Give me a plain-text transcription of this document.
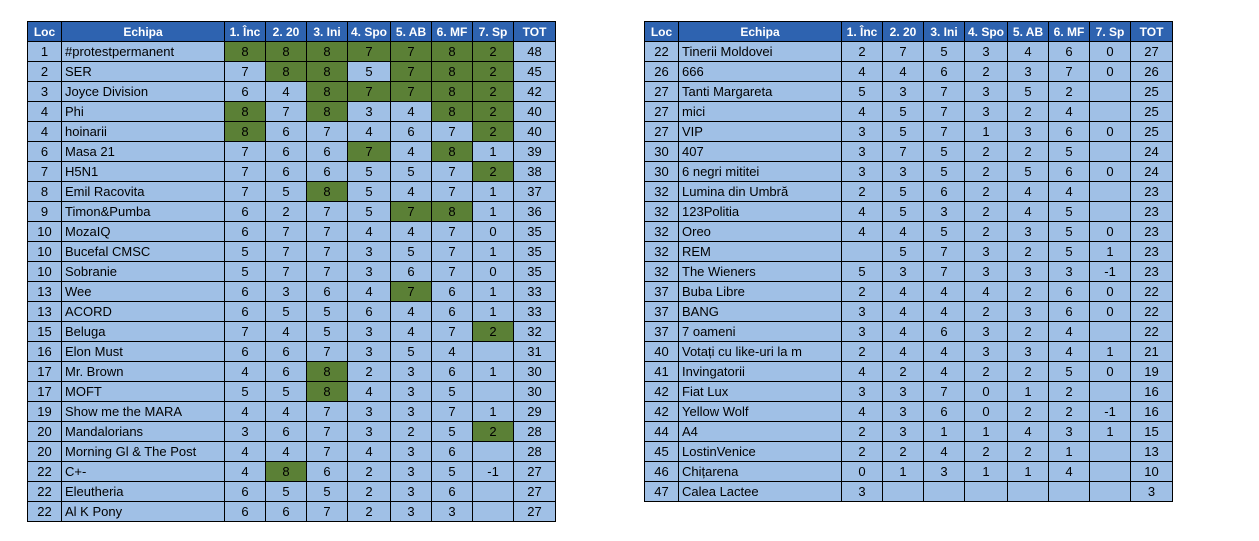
Loc	Echipa	1. Înc	2. 20	3. Ini	4. Spo	5. AB	6. MF	7. Sp	TOT
1	#protestpermanent	8	8	8	7	7	8	2	48
2	SER	7	8	8	5	7	8	2	45
3	Joyce Division	6	4	8	7	7	8	2	42
4	Phi	8	7	8	3	4	8	2	40
4	hoinarii	8	6	7	4	6	7	2	40
6	Masa 21	7	6	6	7	4	8	1	39
7	H5N1	7	6	6	5	5	7	2	38
8	Emil Racovita	7	5	8	5	4	7	1	37
9	Timon&Pumba	6	2	7	5	7	8	1	36
10	MozaIQ	6	7	7	4	4	7	0	35
10	Bucefal CMSC	5	7	7	3	5	7	1	35
10	Sobranie	5	7	7	3	6	7	0	35
13	Wee	6	3	6	4	7	6	1	33
13	ACORD	6	5	5	6	4	6	1	33
15	Beluga	7	4	5	3	4	7	2	32
16	Elon Must	6	6	7	3	5	4		31
17	Mr. Brown	4	6	8	2	3	6	1	30
17	MOFT	5	5	8	4	3	5		30
19	Show me the MARA	4	4	7	3	3	7	1	29
20	Mandalorians	3	6	7	3	2	5	2	28
20	Morning Gl & The Post	4	4	7	4	3	6		28
22	C+-	4	8	6	2	3	5	-1	27
22	Eleutheria	6	5	5	2	3	6		27
22	Al K Pony	6	6	7	2	3	3		27
Loc	Echipa	1. Înc	2. 20	3. Ini	4. Spo	5. AB	6. MF	7. Sp	TOT
22	Tinerii Moldovei	2	7	5	3	4	6	0	27
26	666	4	4	6	2	3	7	0	26
27	Tanti Margareta	5	3	7	3	5	2		25
27	mici	4	5	7	3	2	4		25
27	VIP	3	5	7	1	3	6	0	25
30	407	3	7	5	2	2	5		24
30	6 negri mititei	3	3	5	2	5	6	0	24
32	Lumina din Umbră	2	5	6	2	4	4		23
32	123Politia	4	5	3	2	4	5		23
32	Oreo	4	4	5	2	3	5	0	23
32	REM		5	7	3	2	5	1	23
32	The Wieners	5	3	7	3	3	3	-1	23
37	Buba Libre	2	4	4	4	2	6	0	22
37	BANG	3	4	4	2	3	6	0	22
37	7 oameni	3	4	6	3	2	4		22
40	Votați cu like-uri la m	2	4	4	3	3	4	1	21
41	Invingatorii	4	2	4	2	2	5	0	19
42	Fiat Lux	3	3	7	0	1	2		16
42	Yellow Wolf	4	3	6	0	2	2	-1	16
44	A4	2	3	1	1	4	3	1	15
45	LostinVenice	2	2	4	2	2	1		13
46	Chițarena	0	1	3	1	1	4		10
47	Calea Lactee	3							3
